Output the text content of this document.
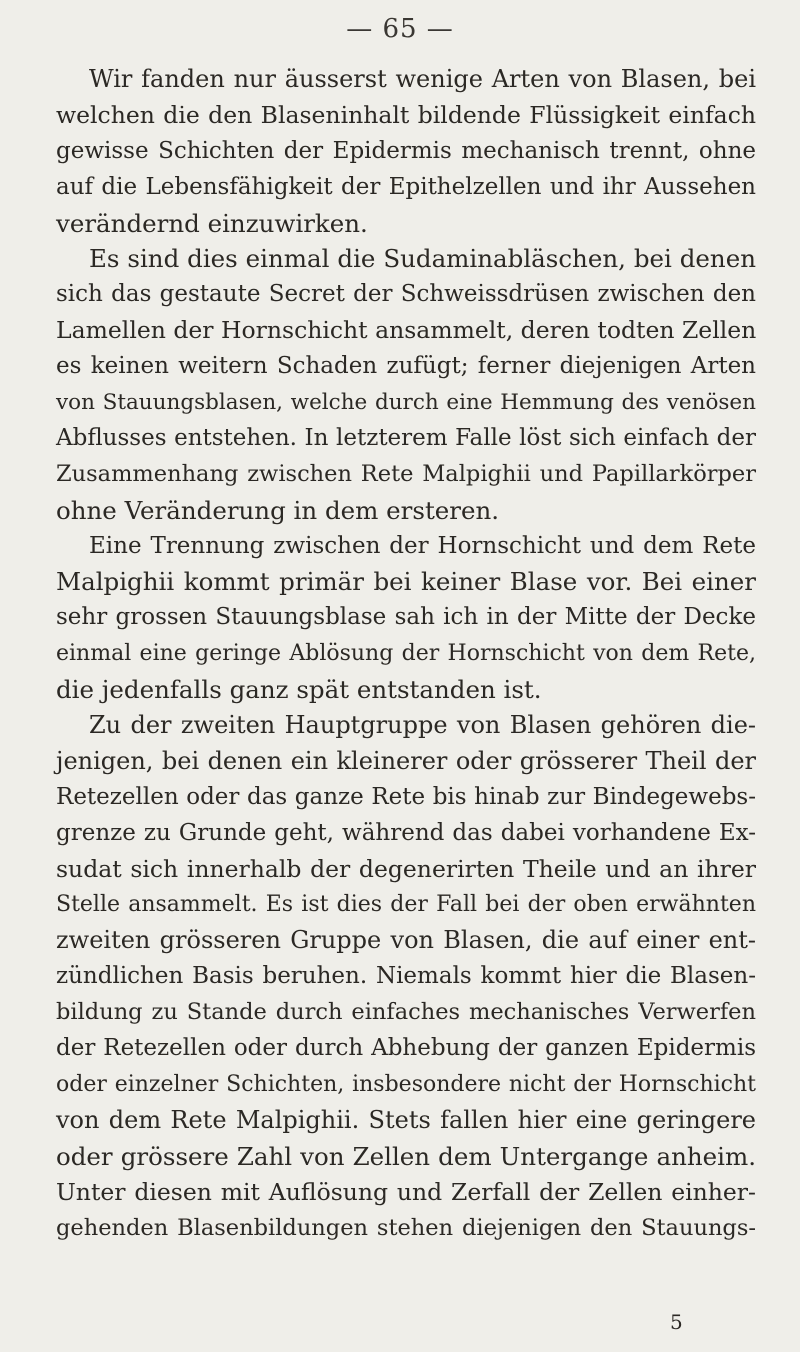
— 65 —
Wir fanden nur äusserst wenige Arten von Blasen, bei
welchen die den Blaseninhalt bildende Flüssigkeit einfach
gewisse Schichten der Epidermis mechanisch trennt, ohne
auf die Lebensfähigkeit der Epithelzellen und ihr Aussehen
verändernd einzuwirken.
Es sind dies einmal die Sudaminabläschen, bei denen
sich das gestaute Secret der Schweissdrüsen zwischen den
Lamellen der Hornschicht ansammelt, deren todten Zellen
es keinen weitern Schaden zufügt; ferner diejenigen Arten
von Stauungsblasen, welche durch eine Hemmung des venösen
Abflusses entstehen. In letzterem Falle löst sich einfach der
Zusammenhang zwischen Rete Malpighii und Papillarkörper
ohne Veränderung in dem ersteren.
Eine Trennung zwischen der Hornschicht und dem Rete
Malpighii kommt primär bei keiner Blase vor. Bei einer
sehr grossen Stauungsblase sah ich in der Mitte der Decke
einmal eine geringe Ablösung der Hornschicht von dem Rete,
die jedenfalls ganz spät entstanden ist.
Zu der zweiten Hauptgruppe von Blasen gehören die-
jenigen, bei denen ein kleinerer oder grösserer Theil der
Retezellen oder das ganze Rete bis hinab zur Bindegewebs-
grenze zu Grunde geht, während das dabei vorhandene Ex-
sudat sich innerhalb der degenerirten Theile und an ihrer
Stelle ansammelt. Es ist dies der Fall bei der oben erwähnten
zweiten grösseren Gruppe von Blasen, die auf einer ent-
zündlichen Basis beruhen. Niemals kommt hier die Blasen-
bildung zu Stande durch einfaches mechanisches Verwerfen
der Retezellen oder durch Abhebung der ganzen Epidermis
oder einzelner Schichten, insbesondere nicht der Hornschicht
von dem Rete Malpighii. Stets fallen hier eine geringere
oder grössere Zahl von Zellen dem Untergange anheim.
Unter diesen mit Auflösung und Zerfall der Zellen einher-
gehenden Blasenbildungen stehen diejenigen den Stauungs-
5
